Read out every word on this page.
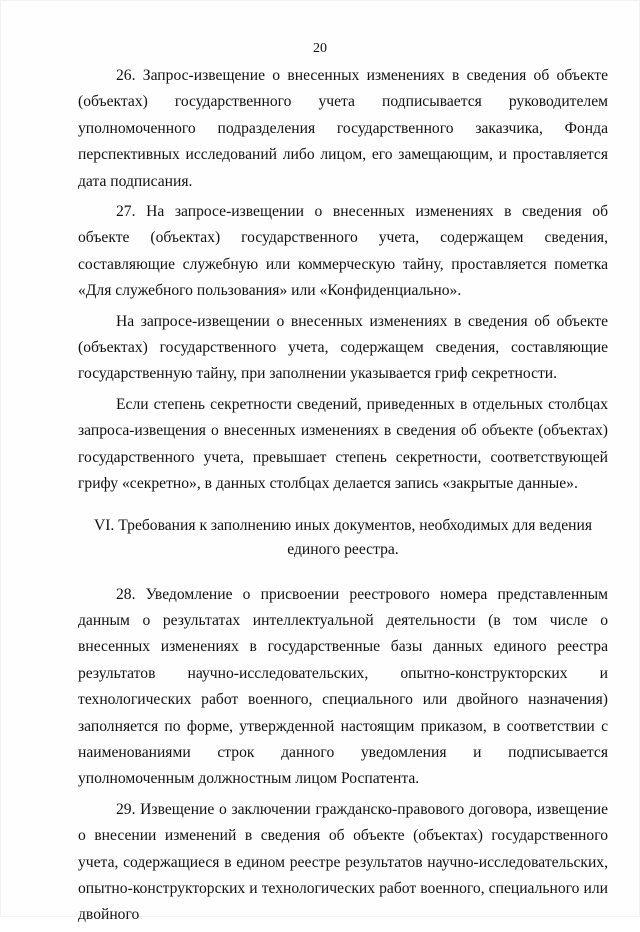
20

26. Запрос-извещение о внесенных изменениях в сведения об объекте (объектах) государственного учета подписывается руководителем уполномоченного подразделения государственного заказчика, Фонда перспективных исследований либо лицом, его замещающим, и проставляется дата подписания.

27. На запросе-извещении о внесенных изменениях в сведения об объекте (объектах) государственного учета, содержащем сведения, составляющие служебную или коммерческую тайну, проставляется пометка «Для служебного пользования» или «Конфиденциально».

На запросе-извещении о внесенных изменениях в сведения об объекте (объектах) государственного учета, содержащем сведения, составляющие государственную тайну, при заполнении указывается гриф секретности.

Если степень секретности сведений, приведенных в отдельных столбцах запроса-извещения о внесенных изменениях в сведения об объекте (объектах) государственного учета, превышает степень секретности, соответствующей грифу «секретно», в данных столбцах делается запись «закрытые данные».

VI. Требования к заполнению иных документов, необходимых для ведения
единого реестра.

28. Уведомление о присвоении реестрового номера представленным данным о результатах интеллектуальной деятельности (в том числе о внесенных изменениях в государственные базы данных единого реестра результатов научно-исследовательских, опытно-конструкторских и технологических работ военного, специального или двойного назначения) заполняется по форме, утвержденной настоящим приказом, в соответствии с наименованиями строк данного уведомления и подписывается уполномоченным должностным лицом Роспатента.

29. Извещение о заключении гражданско-правового договора, извещение о внесении изменений в сведения об объекте (объектах) государственного учета, содержащиеся в едином реестре результатов научно-исследовательских, опытно-конструкторских и технологических работ военного, специального или двойного
